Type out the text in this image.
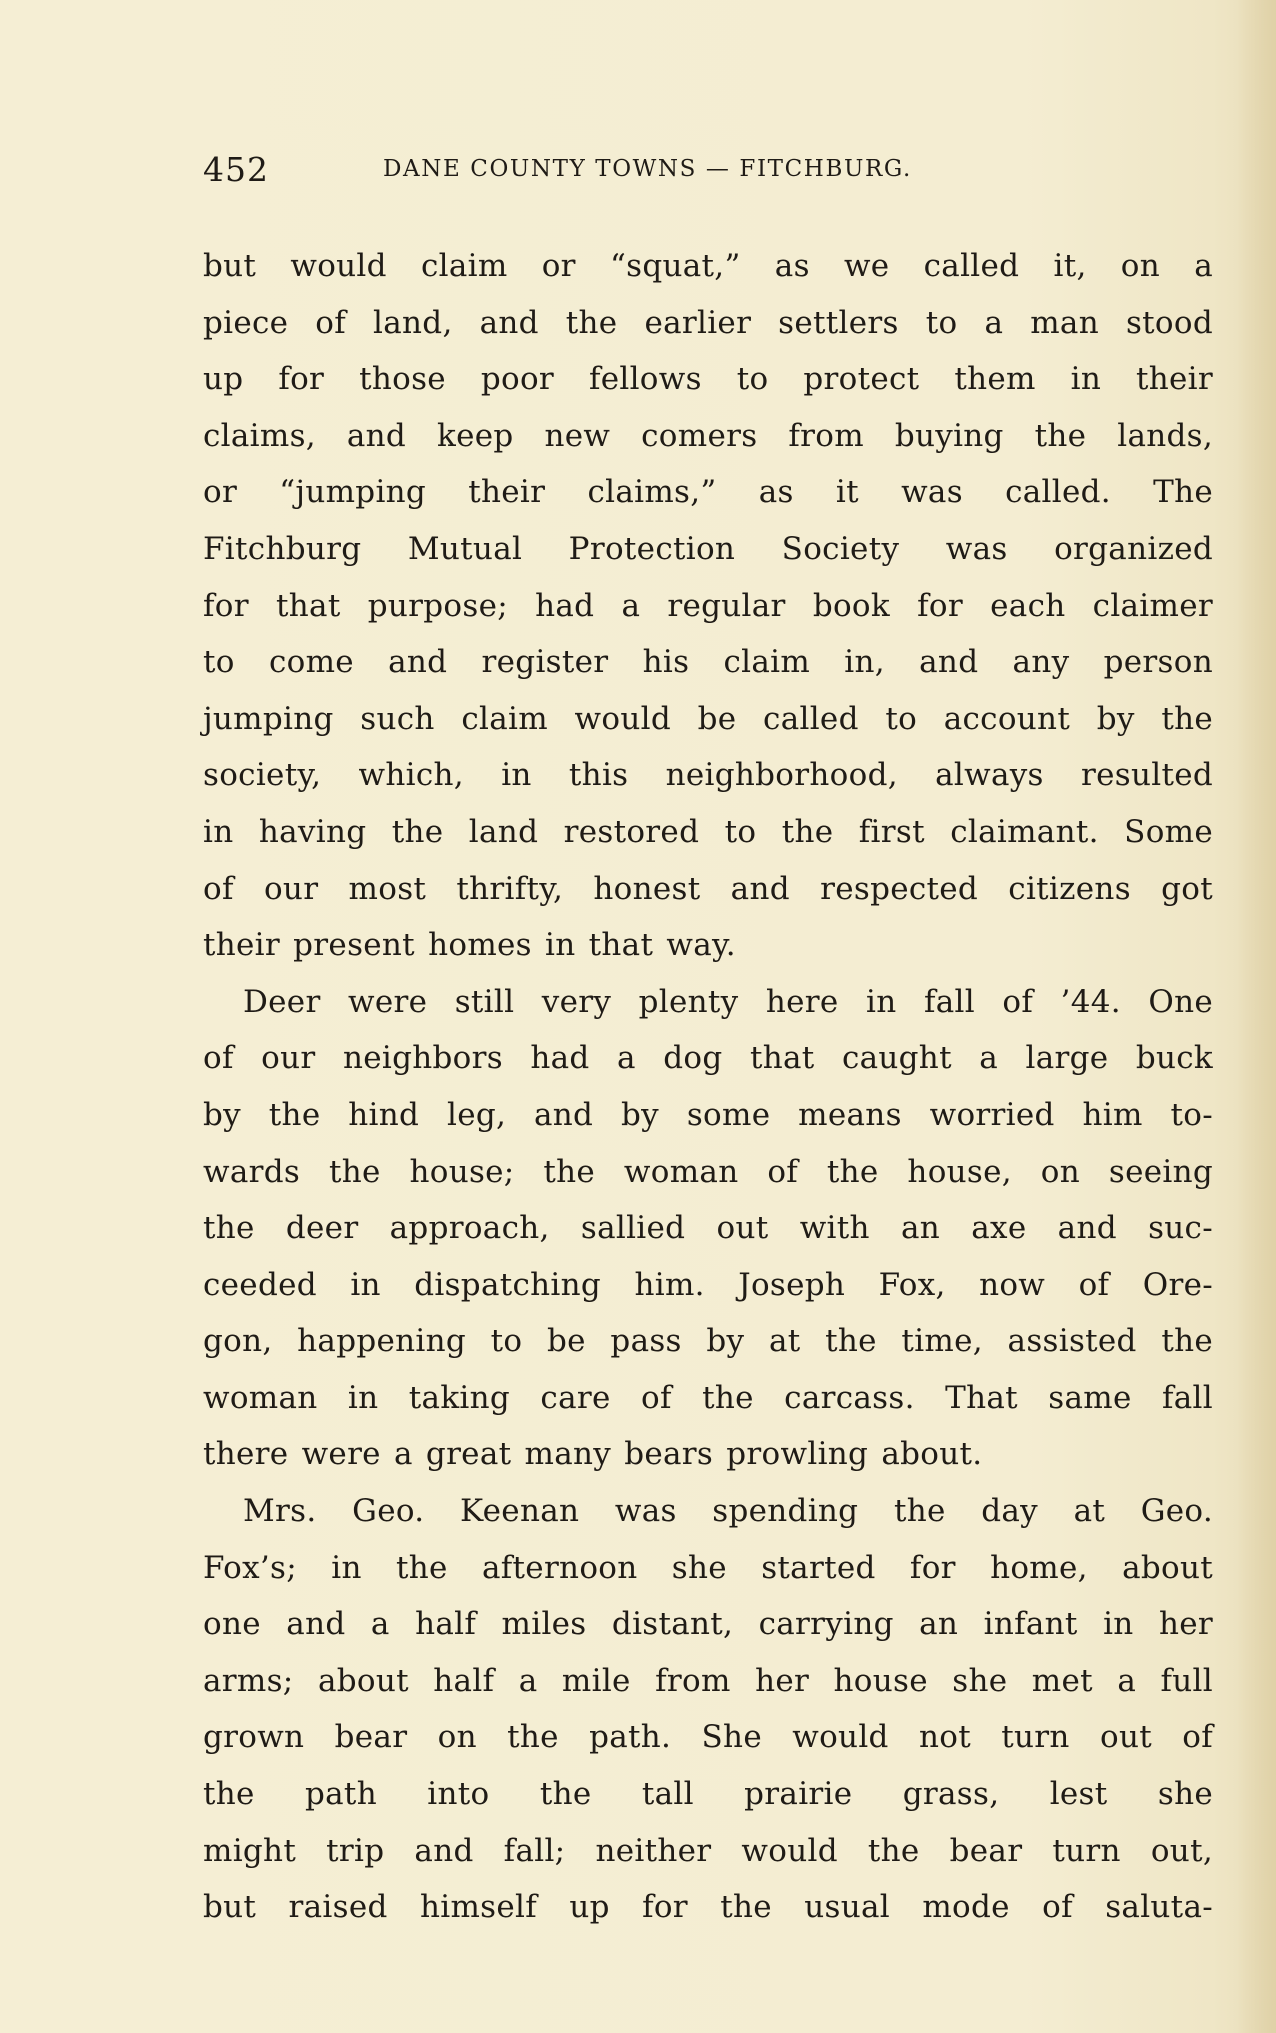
452	DANE COUNTY TOWNS — FITCHBURG.
but would claim or “squat,” as we called it, on a
piece of land, and the earlier settlers to a man stood
up for those poor fellows to protect them in their
claims, and keep new comers from buying the lands,
or “jumping their claims,” as it was called. The
Fitchburg Mutual Protection Society was organized
for that purpose; had a regular book for each claimer
to come and register his claim in, and any person
jumping such claim would be called to account by the
society, which, in this neighborhood, always resulted
in having the land restored to the first claimant. Some
of our most thrifty, honest and respected citizens got
their present homes in that way.
Deer were still very plenty here in fall of ’44. One
of our neighbors had a dog that caught a large buck
by the hind leg, and by some means worried him to-
wards the house; the woman of the house, on seeing
the deer approach, sallied out with an axe and suc-
ceeded in dispatching him. Joseph Fox, now of Ore-
gon, happening to be pass by at the time, assisted the
woman in taking care of the carcass. That same fall
there were a great many bears prowling about.
Mrs. Geo. Keenan was spending the day at Geo.
Fox’s; in the afternoon she started for home, about
one and a half miles distant, carrying an infant in her
arms; about half a mile from her house she met a full
grown bear on the path. She would not turn out of
the path into the tall prairie grass, lest she
might trip and fall; neither would the bear turn out,
but raised himself up for the usual mode of saluta-
